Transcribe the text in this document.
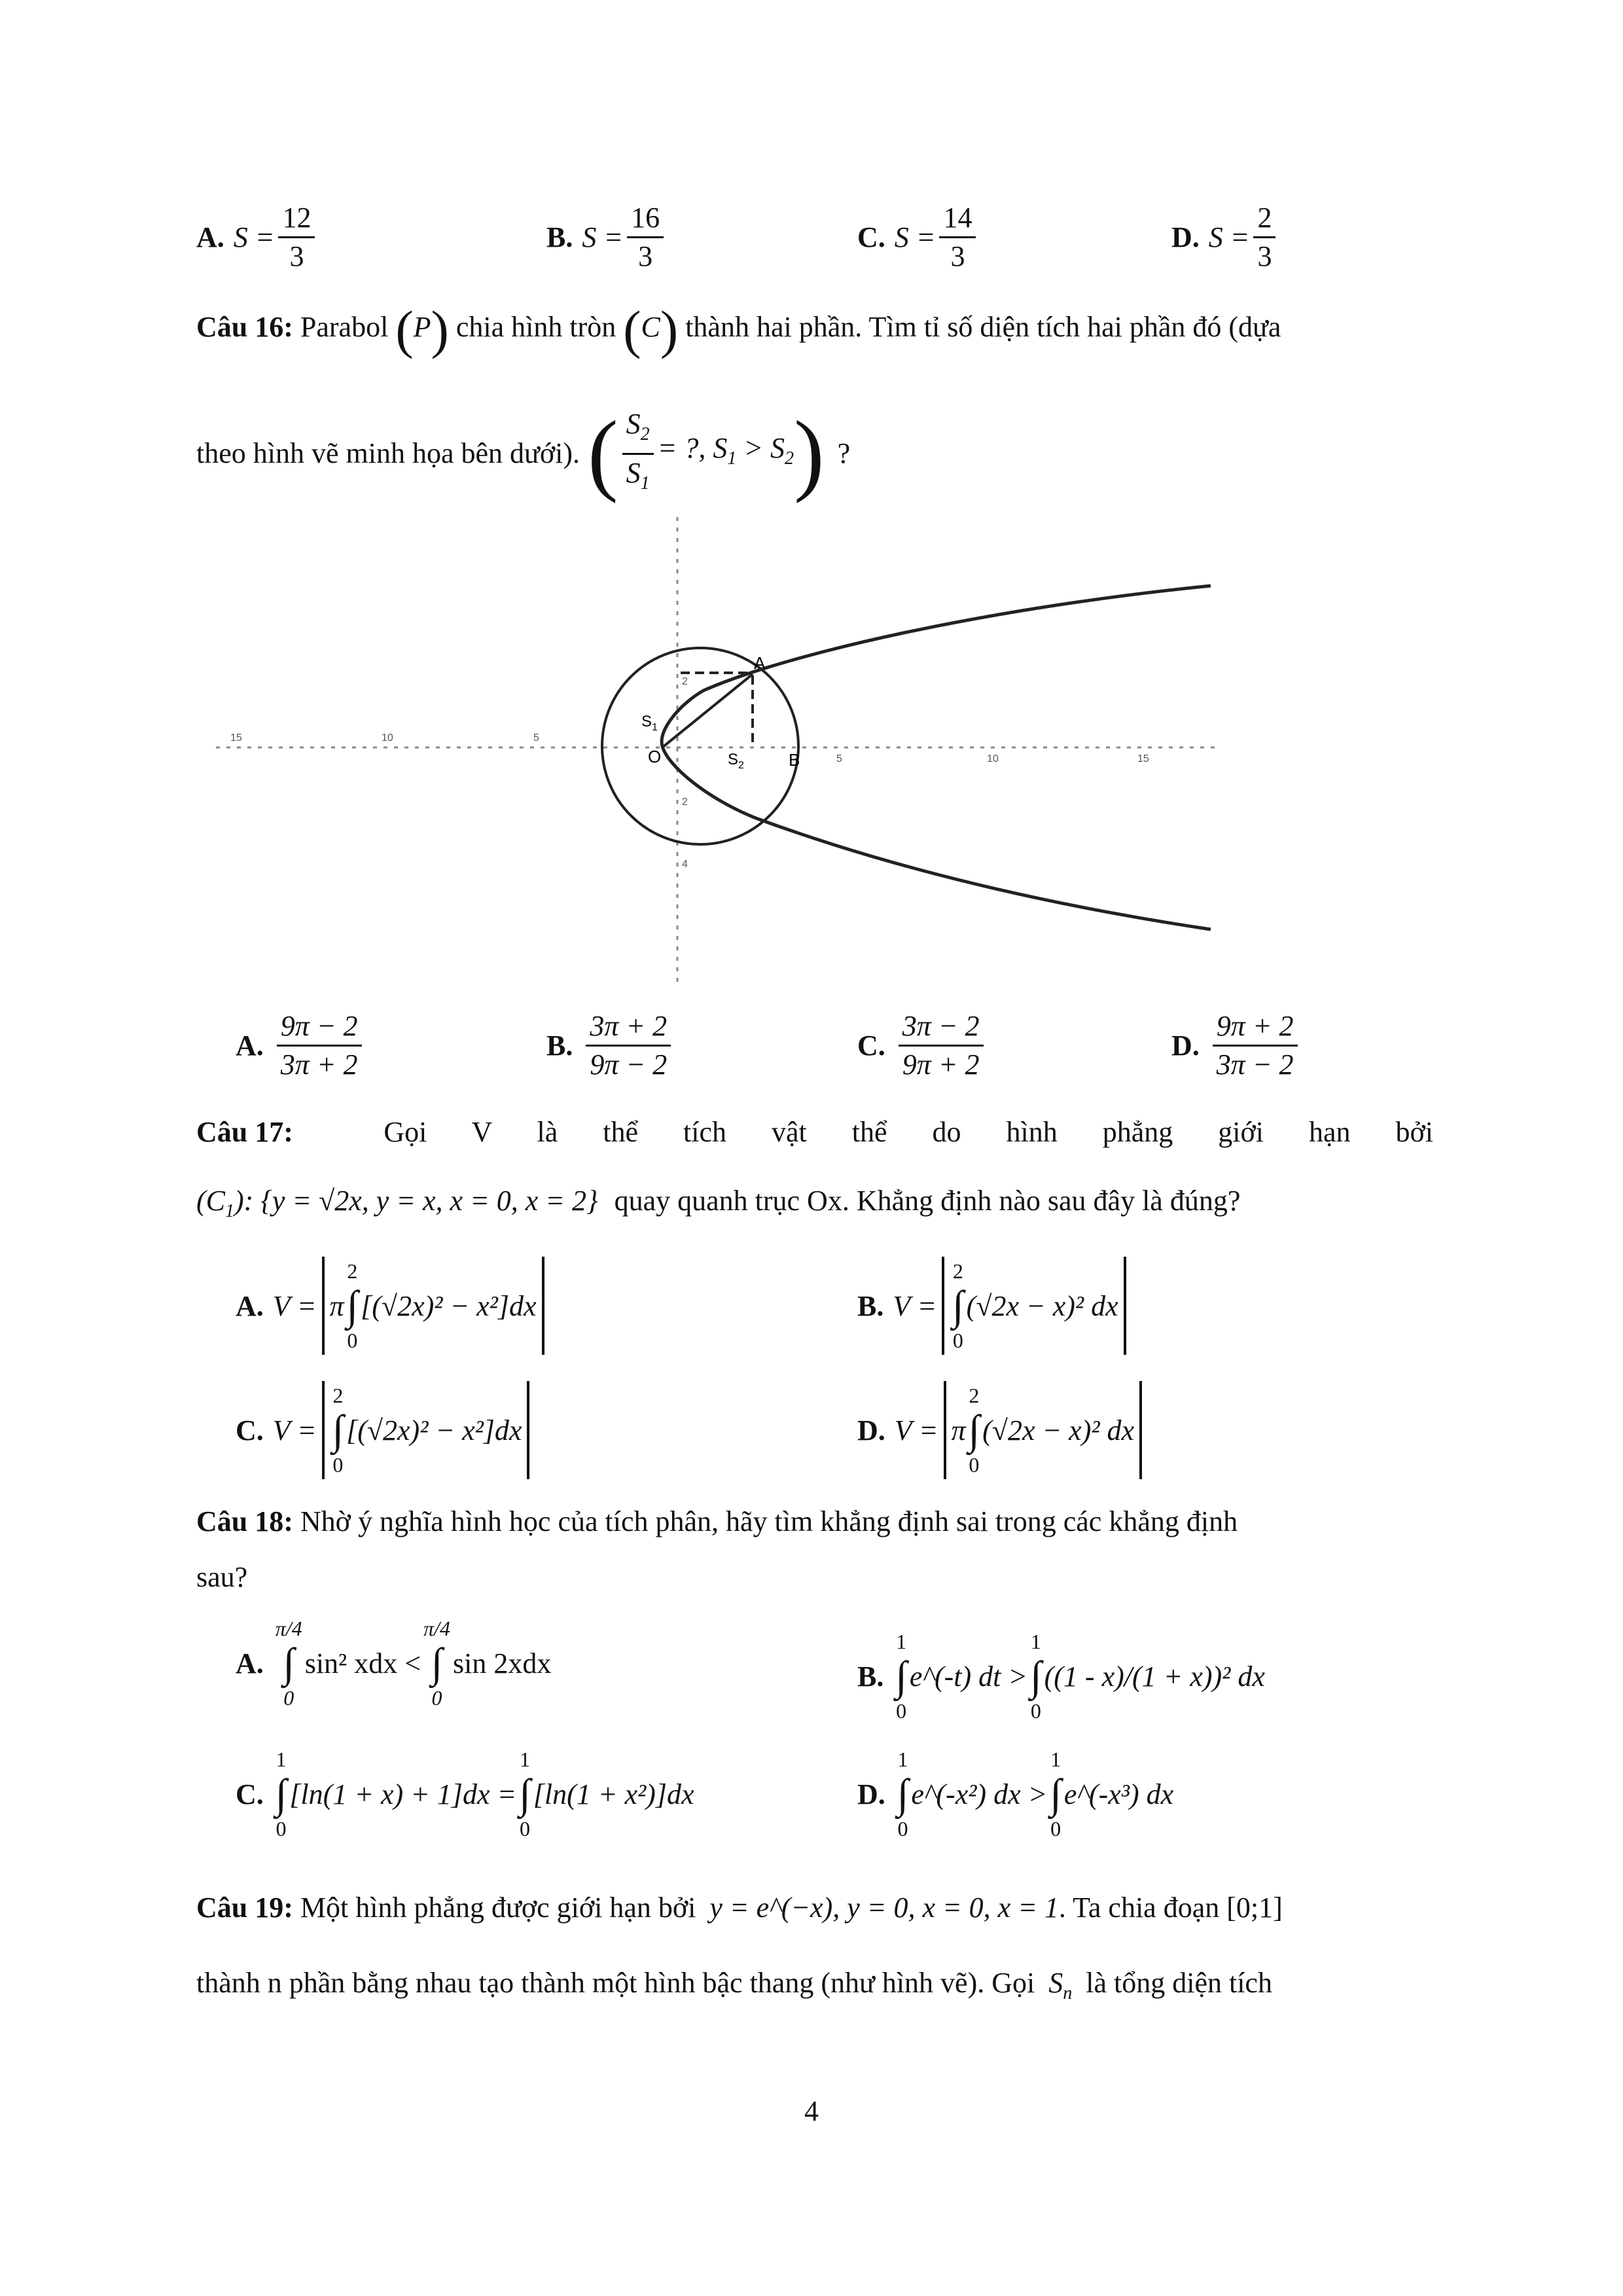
A. $S = \frac{12}{3}$	B. $S = \frac{16}{3}$	C. $S = \frac{14}{3}$	D. $S = \frac{2}{3}$
Câu 16: Parabol (P) chia hình tròn (C) thành hai phần. Tìm tỉ số diện tích hai phần đó (dựa
theo hình vẽ minh họa bên dưới). ( $\frac{S_2}{S_1}$ = ?, $S_1 > S_2$ ) ?
A
B
O
$S_1$
$S_2$
15	10	5
5	10	15
2
2
4
A. $\frac{9\pi - 2}{3\pi + 2}$	B. $\frac{3\pi + 2}{9\pi - 2}$	C. $\frac{3\pi - 2}{9\pi + 2}$	D. $\frac{9\pi + 2}{3\pi - 2}$
Câu 17:	Gọi V là thể tích vật thể do hình phẳng giới hạn bởi
$(C_1)$: {y = √2x, y = x, x = 0, x = 2} quay quanh trục Ox. Khẳng định nào sau đây là đúng?
A. V = π
2
∫
0
[(√2x)² − x²]dx	B. V =
2
∫
0
(√2x − x)² dx
C. V =
2
∫
0
[(√2x)² − x²]dx	D. V = π
2
∫
0
(√2x − x)² dx
Câu 18: Nhờ ý nghĩa hình học của tích phân, hãy tìm khẳng định sai trong các khẳng định
sau?
A.
π/4
∫
0
sin² xdx <
π/4
∫
0
sin 2xdx	B.
1
∫
0
e^(-t) dt >
1
∫
0
((1 - x)/(1 + x))² dx
C.
1
∫
0
[ln(1 + x) + 1]dx =
1
∫
0
[ln(1 + x²)]dx	D.
1
∫
0
e^(-x²) dx >
1
∫
0
e^(-x³) dx
Câu 19: Một hình phẳng được giới hạn bởi y = e^(−x), y = 0, x = 0, x = 1. Ta chia đoạn [0;1]
thành n phần bằng nhau tạo thành một hình bậc thang (như hình vẽ). Gọi $S_n$ là tổng diện tích
4
